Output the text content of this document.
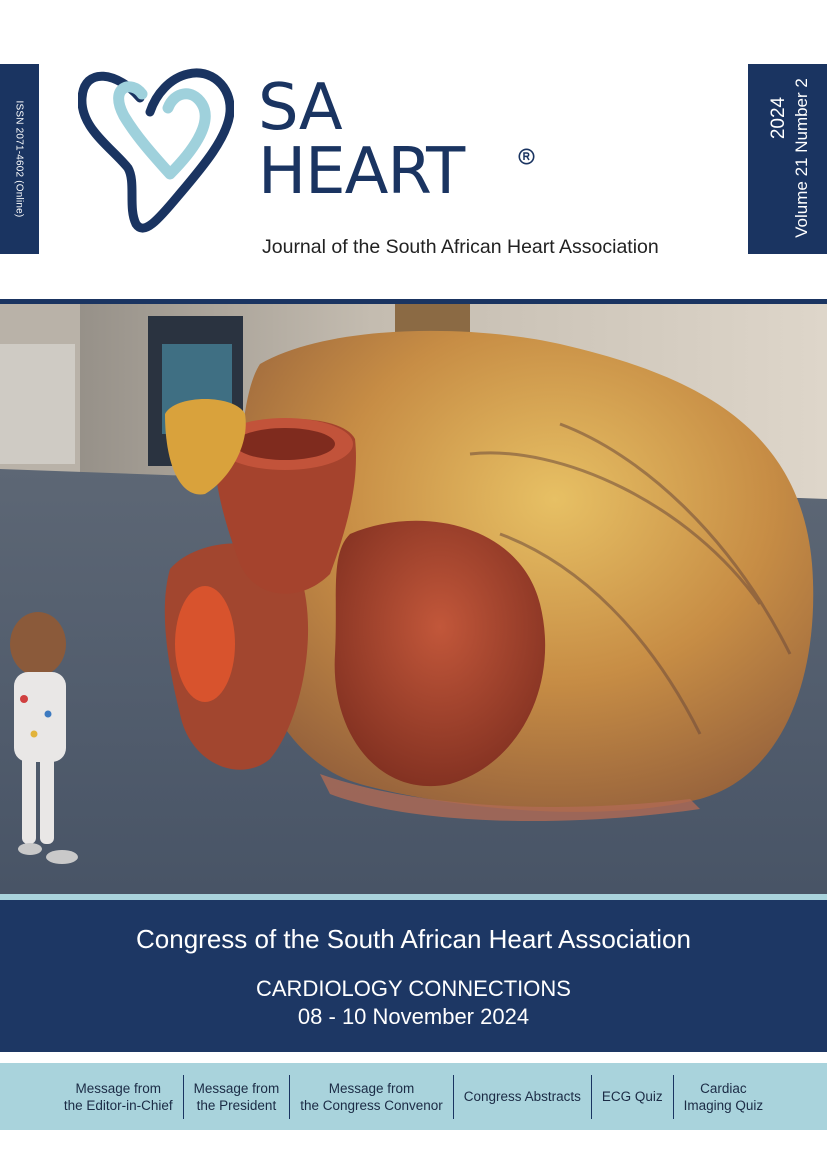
ISSN 2071-4602 (Online)	2024 Volume 21 Number 2
SA
HEART
Journal of the South African Heart Association
Congress of the South African Heart Association
CARDIOLOGY CONNECTIONS
08 - 10 November 2024
Message from
the Editor-in-Chief
Message from
the President
Message from
the Congress Convenor
Congress Abstracts ECG Quiz
Cardiac
Imaging Quiz
